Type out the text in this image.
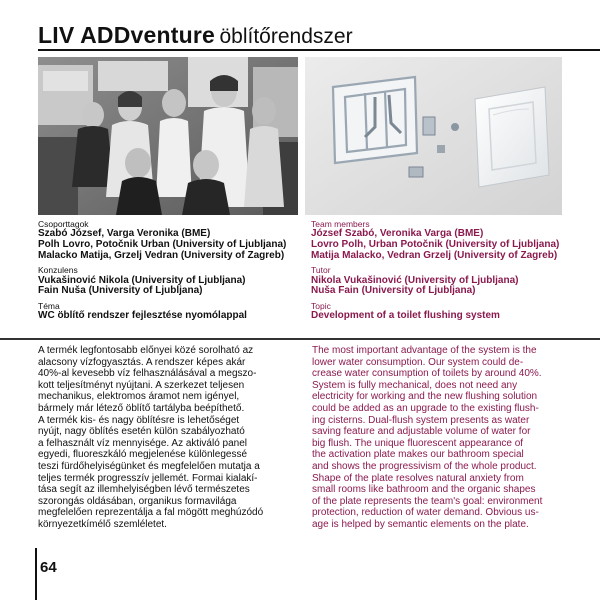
LIV ADDventure öblítőrendszer
Csoporttagok
Szabó József, Varga Veronika (BME)
Polh Lovro, Potočnik Urban (University of Ljubljana)
Malacko Matija, Grzelj Vedran (University of Zagreb)
Konzulens
Vukašinović Nikola (University of Ljubljana)
Fain Nuša (University of Ljubljana)
Téma
WC öblítő rendszer fejlesztése nyomólappal
Team members
József Szabó, Veronika Varga (BME)
Lovro Polh, Urban Potočnik (University of Ljubljana)
Matija Malacko, Vedran Grzelj (University of Zagreb)
Tutor
Nikola Vukašinović (University of Ljubljana)
Nuša Fain (University of Ljubljana)
Topic
Development of a toilet flushing system
A termék legfontosabb előnyei közé sorolható az
alacsony vízfogyasztás. A rendszer képes akár
40%-al kevesebb víz felhasználásával a megszo-
kott teljesítményt nyújtani. A szerkezet teljesen
mechanikus, elektromos áramot nem igényel,
bármely már létező öblítő tartályba beépíthető.
A termék kis- és nagy öblítésre is lehetőséget
nyújt, nagy öblítés esetén külön szabályozható
a felhasznált víz mennyisége. Az aktiváló panel
egyedi, fluoreszkáló megjelenése különlegessé
teszi fürdőhelyiségünket és megfelelően mutatja a
teljes termék progresszív jellemét. Formai kialakí-
tása segít az illemhelyiségben lévő természetes
szorongás oldásában, organikus formavilága
megfelelően reprezentálja a fal mögött meghúzódó
környezetkímélő szemléletet.
The most important advantage of the system is the
lower water consumption. Our system could de-
crease water consumption of toilets by around 40%.
System is fully mechanical, does not need any
electricity for working and the new flushing solution
could be added as an upgrade to the existing flush-
ing cisterns. Dual-flush system presents as water
saving feature and adjustable volume of water for
big flush. The unique fluorescent appearance of
the activation plate makes our bathroom special
and shows the progressivism of the whole product.
Shape of the plate resolves natural anxiety from
small rooms like bathroom and the organic shapes
of the plate represents the team's goal: environment
protection, reduction of water demand. Obvious us-
age is helped by semantic elements on the plate.
64
